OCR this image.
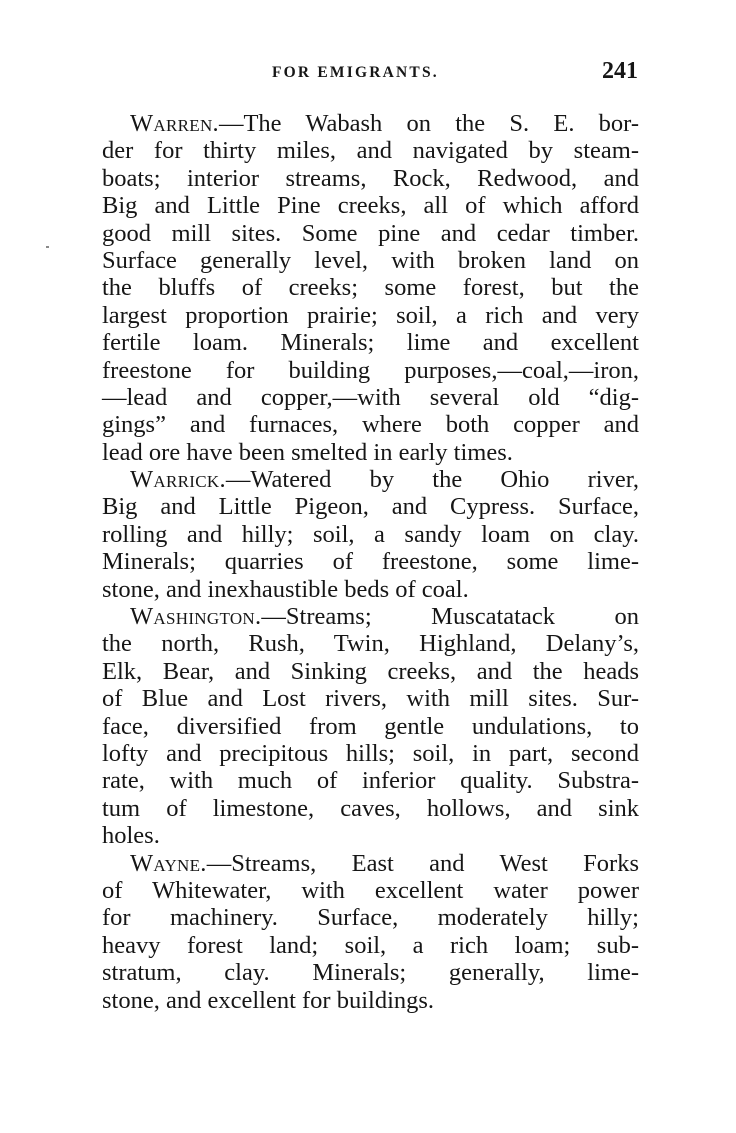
FOR EMIGRANTS.	241
Warren.—The Wabash on the S. E. bor-
der for thirty miles, and navigated by steam-
boats; interior streams, Rock, Redwood, and
Big and Little Pine creeks, all of which afford
good mill sites. Some pine and cedar timber.
Surface generally level, with broken land on
the bluffs of creeks; some forest, but the
largest proportion prairie; soil, a rich and very
fertile loam. Minerals; lime and excellent
freestone for building purposes,—coal,—iron,
—lead and copper,—with several old “dig-
gings” and furnaces, where both copper and
lead ore have been smelted in early times.
Warrick.—Watered by the Ohio river,
Big and Little Pigeon, and Cypress. Surface,
rolling and hilly; soil, a sandy loam on clay.
Minerals; quarries of freestone, some lime-
stone, and inexhaustible beds of coal.
Washington.—Streams; Muscatatack on
the north, Rush, Twin, Highland, Delany’s,
Elk, Bear, and Sinking creeks, and the heads
of Blue and Lost rivers, with mill sites. Sur-
face, diversified from gentle undulations, to
lofty and precipitous hills; soil, in part, second
rate, with much of inferior quality. Substra-
tum of limestone, caves, hollows, and sink
holes.
Wayne.—Streams, East and West Forks
of Whitewater, with excellent water power
for machinery. Surface, moderately hilly;
heavy forest land; soil, a rich loam; sub-
stratum, clay. Minerals; generally, lime-
stone, and excellent for buildings.
